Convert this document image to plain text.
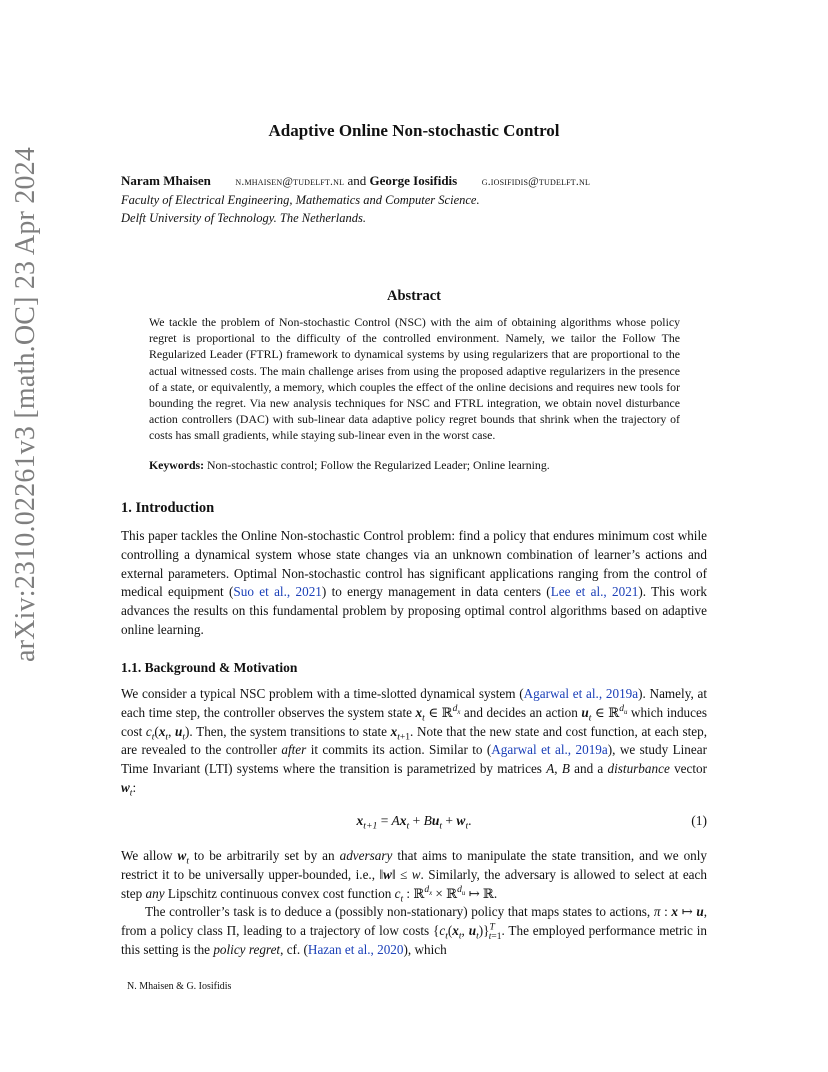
arXiv:2310.02261v3 [math.OC] 23 Apr 2024
Adaptive Online Non-stochastic Control
Naram Mhaisen n.mhaisen@tudelft.nl and George Iosifidis g.iosifidis@tudelft.nl
Faculty of Electrical Engineering, Mathematics and Computer Science.
Delft University of Technology. The Netherlands.
Abstract
We tackle the problem of Non-stochastic Control (NSC) with the aim of obtaining algorithms whose policy regret is proportional to the difficulty of the controlled environment. Namely, we tailor the Follow The Regularized Leader (FTRL) framework to dynamical systems by using regularizers that are proportional to the actual witnessed costs. The main challenge arises from using the proposed adaptive regularizers in the presence of a state, or equivalently, a memory, which couples the effect of the online decisions and requires new tools for bounding the regret. Via new analysis techniques for NSC and FTRL integration, we obtain novel disturbance action controllers (DAC) with sub-linear data adaptive policy regret bounds that shrink when the trajectory of costs has small gradients, while staying sub-linear even in the worst case.
Keywords: Non-stochastic control; Follow the Regularized Leader; Online learning.
1. Introduction
This paper tackles the Online Non-stochastic Control problem: find a policy that endures minimum cost while controlling a dynamical system whose state changes via an unknown combination of learner’s actions and external parameters. Optimal Non-stochastic control has significant applications ranging from the control of medical equipment (Suo et al., 2021) to energy management in data centers (Lee et al., 2021). This work advances the results on this fundamental problem by proposing optimal control algorithms based on adaptive online learning.
1.1. Background & Motivation
We consider a typical NSC problem with a time-slotted dynamical system (Agarwal et al., 2019a). Namely, at each time step, the controller observes the system state $x_t$ ∈ ℝ$^{d_x}$ and decides an action $u_t$ ∈ ℝ$^{d_u}$ which induces cost $c_t(x_t$, $u_t$). Then, the system transitions to state $x_{t+1}$. Note that the new state and cost function, at each step, are revealed to the controller after it commits its action. Similar to (Agarwal et al., 2019a), we study Linear Time Invariant (LTI) systems where the transition is parametrized by matrices A, B and a disturbance vector $w_t$:
$x_{t+1} = Ax_t + Bu_t + w_t$.	(1)
We allow $w_t$ to be arbitrarily set by an adversary that aims to manipulate the state transition, and we only restrict it to be universally upper-bounded, i.e., ‖w‖ ≤ w. Similarly, the adversary is allowed to select at each step any Lipschitz continuous convex cost function $c_t$ : ℝ$^{d_x}$ × ℝ$^{d_u}$ ↦ ℝ.
The controller’s task is to deduce a (possibly non-stationary) policy that maps states to actions, π : x ↦ u, from a policy class Π, leading to a trajectory of low costs {$c_t(x_t$, $u_t)\}^T_{t=1}$. The employed performance metric in this setting is the policy regret, cf. (Hazan et al., 2020), which
N. Mhaisen & G. Iosifidis
